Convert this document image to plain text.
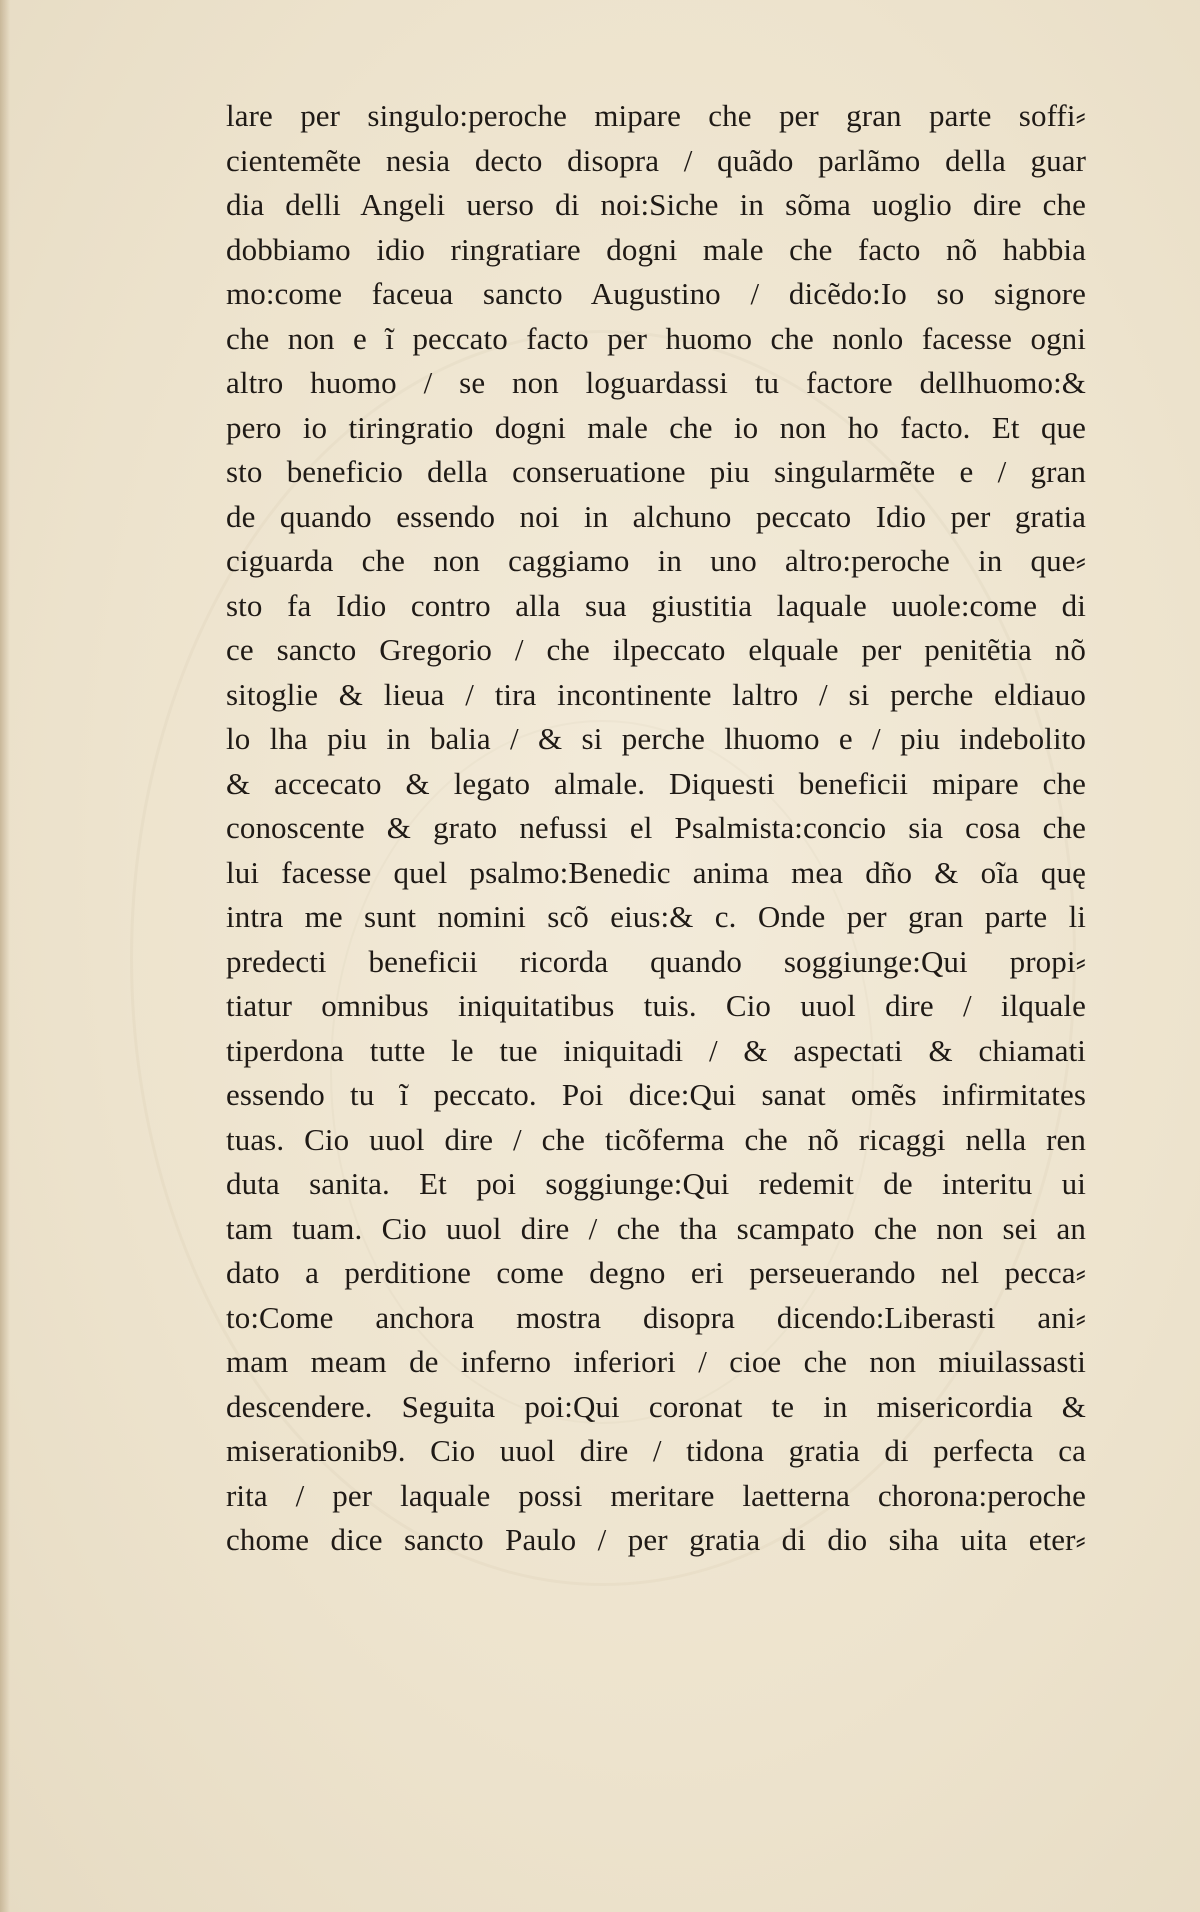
lare per singulo:peroche mipare che per gran parte soffi⸗
cientemẽte nesia decto disopra / quãdo parlãmo della guar
dia delli Angeli uerso di noi:Siche in sõma uoglio dire che
dobbiamo idio ringratiare dogni male che facto nõ habbia
mo:come faceua sancto Augustino / dicẽdo:Io so signore
che non e ĩ peccato facto per huomo che nonlo facesse ogni
altro huomo / se non loguardassi tu factore dellhuomo:&
pero io tiringratio dogni male che io non ho facto. Et que
sto beneficio della conseruatione piu singularmẽte e / gran
de quando essendo noi in alchuno peccato Idio per gratia
ciguarda che non caggiamo in uno altro:peroche in que⸗
sto fa Idio contro alla sua giustitia laquale uuole:come di
ce sancto Gregorio / che ilpeccato elquale per penitẽtia nõ
sitoglie & lieua / tira incontinente laltro / si perche eldiauo
lo lha piu in balia / & si perche lhuomo e / piu indebolito
& accecato & legato almale. Diquesti beneficii mipare che
conoscente & grato nefussi el Psalmista:concio sia cosa che
lui facesse quel psalmo:Benedic anima mea dño & oĩa quę
intra me sunt nomini scõ eius:& c. Onde per gran parte li
predecti beneficii ricorda quando soggiunge:Qui propi⸗
tiatur omnibus iniquitatibus tuis. Cio uuol dire / ilquale
tiperdona tutte le tue iniquitadi / & aspectati & chiamati
essendo tu ĩ peccato. Poi dice:Qui sanat omẽs infirmitates
tuas. Cio uuol dire / che ticõferma che nõ ricaggi nella ren
duta sanita. Et poi soggiunge:Qui redemit de interitu ui
tam tuam. Cio uuol dire / che tha scampato che non sei an
dato a perditione come degno eri perseuerando nel pecca⸗
to:Come anchora mostra disopra dicendo:Liberasti ani⸗
mam meam de inferno inferiori / cioe che non miuilassasti
descendere. Seguita poi:Qui coronat te in misericordia &
miserationib9. Cio uuol dire / tidona gratia di perfecta ca
rita / per laquale possi meritare laetterna chorona:peroche
chome dice sancto Paulo / per gratia di dio siha uita eter⸗
